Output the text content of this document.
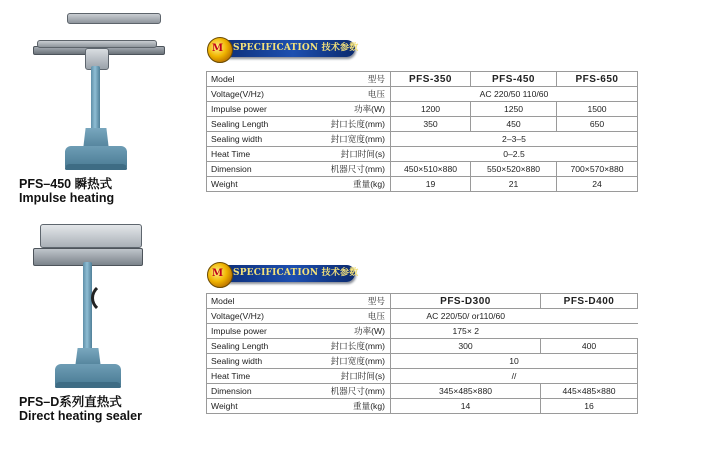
PFS–450 瞬热式
Impulse heating
PFS–D系列直热式
Direct heating sealer
M SPECIFICATION 技术参数
Model	型号	PFS-350	PFS-450	PFS-650
Voltage(V/Hz)	电压	AC 220/50 110/60		
Impulse power	功率(W)	1200	1250	1500
Sealing Length	封口长度(mm)	350	450	650
Sealing width	封口宽度(mm)	2–3–5		
Heat Time	封口时间(s)	0–2.5		
Dimension	机器尺寸(mm)	450×510×880	550×520×880	700×570×880
Weight	重量(kg)	19	21	24
M SPECIFICATION 技术参数
Model	型号	PFS-D300	PFS-D400
Voltage(V/Hz)	电压	AC 220/50/ or110/60	
Impulse power	功率(W)	175× 2	
Sealing Length	封口长度(mm)	300	400
Sealing width	封口宽度(mm)	10	
Heat Time	封口时间(s)	//	
Dimension	机器尺寸(mm)	345×485×880	445×485×880
Weight	重量(kg)	14	16
